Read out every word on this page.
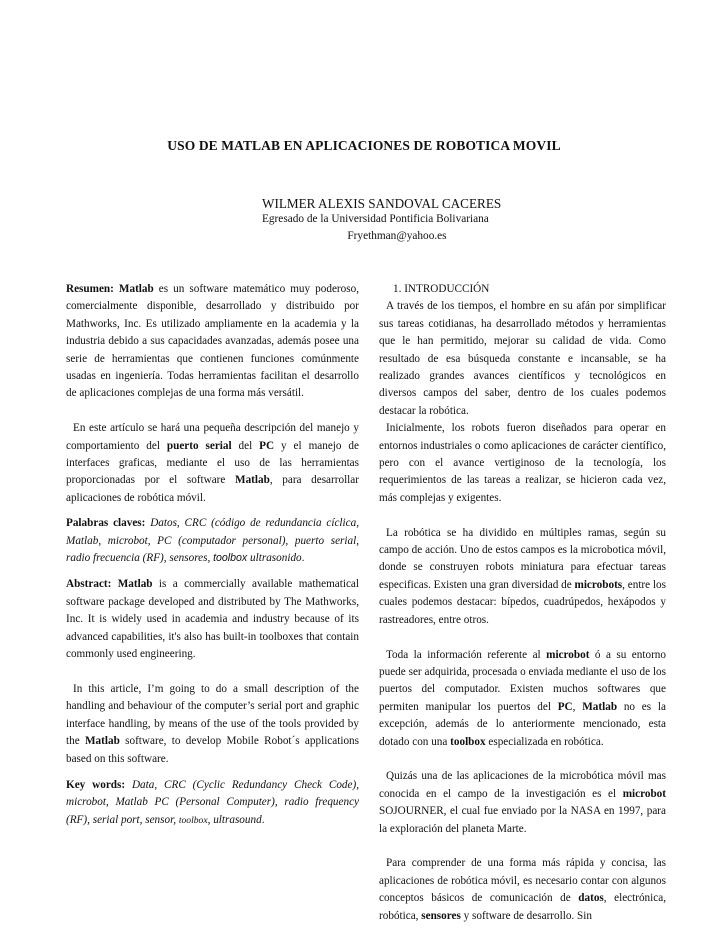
USO DE MATLAB EN APLICACIONES DE ROBOTICA MOVIL
WILMER ALEXIS SANDOVAL CACERES
Egresado de la Universidad Pontificia Bolivariana
Fryethman@yahoo.es

Resumen: Matlab es un software matemático muy poderoso, comercialmente disponible, desarrollado y distribuido por Mathworks, Inc. Es utilizado ampliamente en la academia y la industria debido a sus capacidades avanzadas, además posee una serie de herramientas que contienen funciones comúnmente usadas en ingeniería. Todas herramientas facilitan el desarrollo de aplicaciones complejas de una forma más versátil.

En este artículo se hará una pequeña descripción del manejo y comportamiento del puerto serial del PC y el manejo de interfaces graficas, mediante el uso de las herramientas proporcionadas por el software Matlab, para desarrollar aplicaciones de robótica móvil.

Palabras claves: Datos, CRC (código de redundancia cíclica, Matlab, microbot, PC (computador personal), puerto serial, radio frecuencia (RF), sensores, toolbox ultrasonido.

Abstract: Matlab is a commercially available mathematical software package developed and distributed by The Mathworks, Inc. It is widely used in academia and industry because of its advanced capabilities, it's also has built-in toolboxes that contain commonly used engineering.

In this article, I’m going to do a small description of the handling and behaviour of the computer’s serial port and graphic interface handling, by means of the use of the tools provided by the Matlab software, to develop Mobile Robot´s applications based on this software.

Key words: Data, CRC (Cyclic Redundancy Check Code), microbot, Matlab PC (Personal Computer), radio frequency (RF), serial port, sensor, toolbox, ultrasound.

1. INTRODUCCIÓN

A través de los tiempos, el hombre en su afán por simplificar sus tareas cotidianas, ha desarrollado métodos y herramientas que le han permitido, mejorar su calidad de vida. Como resultado de esa búsqueda constante e incansable, se ha realizado grandes avances científicos y tecnológicos en diversos campos del saber, dentro de los cuales podemos destacar la robótica.

Inicialmente, los robots fueron diseñados para operar en entornos industriales o como aplicaciones de carácter científico, pero con el avance vertiginoso de la tecnología, los requerimientos de las tareas a realizar, se hicieron cada vez, más complejas y exigentes.

La robótica se ha dividido en múltiples ramas, según su campo de acción. Uno de estos campos es la microbotica móvil, donde se construyen robots miniatura para efectuar tareas especificas. Existen una gran diversidad de microbots, entre los cuales podemos destacar: bípedos, cuadrúpedos, hexápodos y rastreadores, entre otros.

Toda la información referente al microbot ó a su entorno puede ser adquirida, procesada o enviada mediante el uso de los puertos del computador. Existen muchos softwares que permiten manipular los puertos del PC, Matlab no es la excepción, además de lo anteriormente mencionado, esta dotado con una toolbox especializada en robótica.

Quizás una de las aplicaciones de la microbótica móvil mas conocida en el campo de la investigación es el microbot SOJOURNER, el cual fue enviado por la NASA en 1997, para la exploración del planeta Marte.

Para comprender de una forma más rápida y concisa, las aplicaciones de robótica móvil, es necesario contar con algunos conceptos básicos de comunicación de datos, electrónica, robótica, sensores y software de desarrollo. Sin
